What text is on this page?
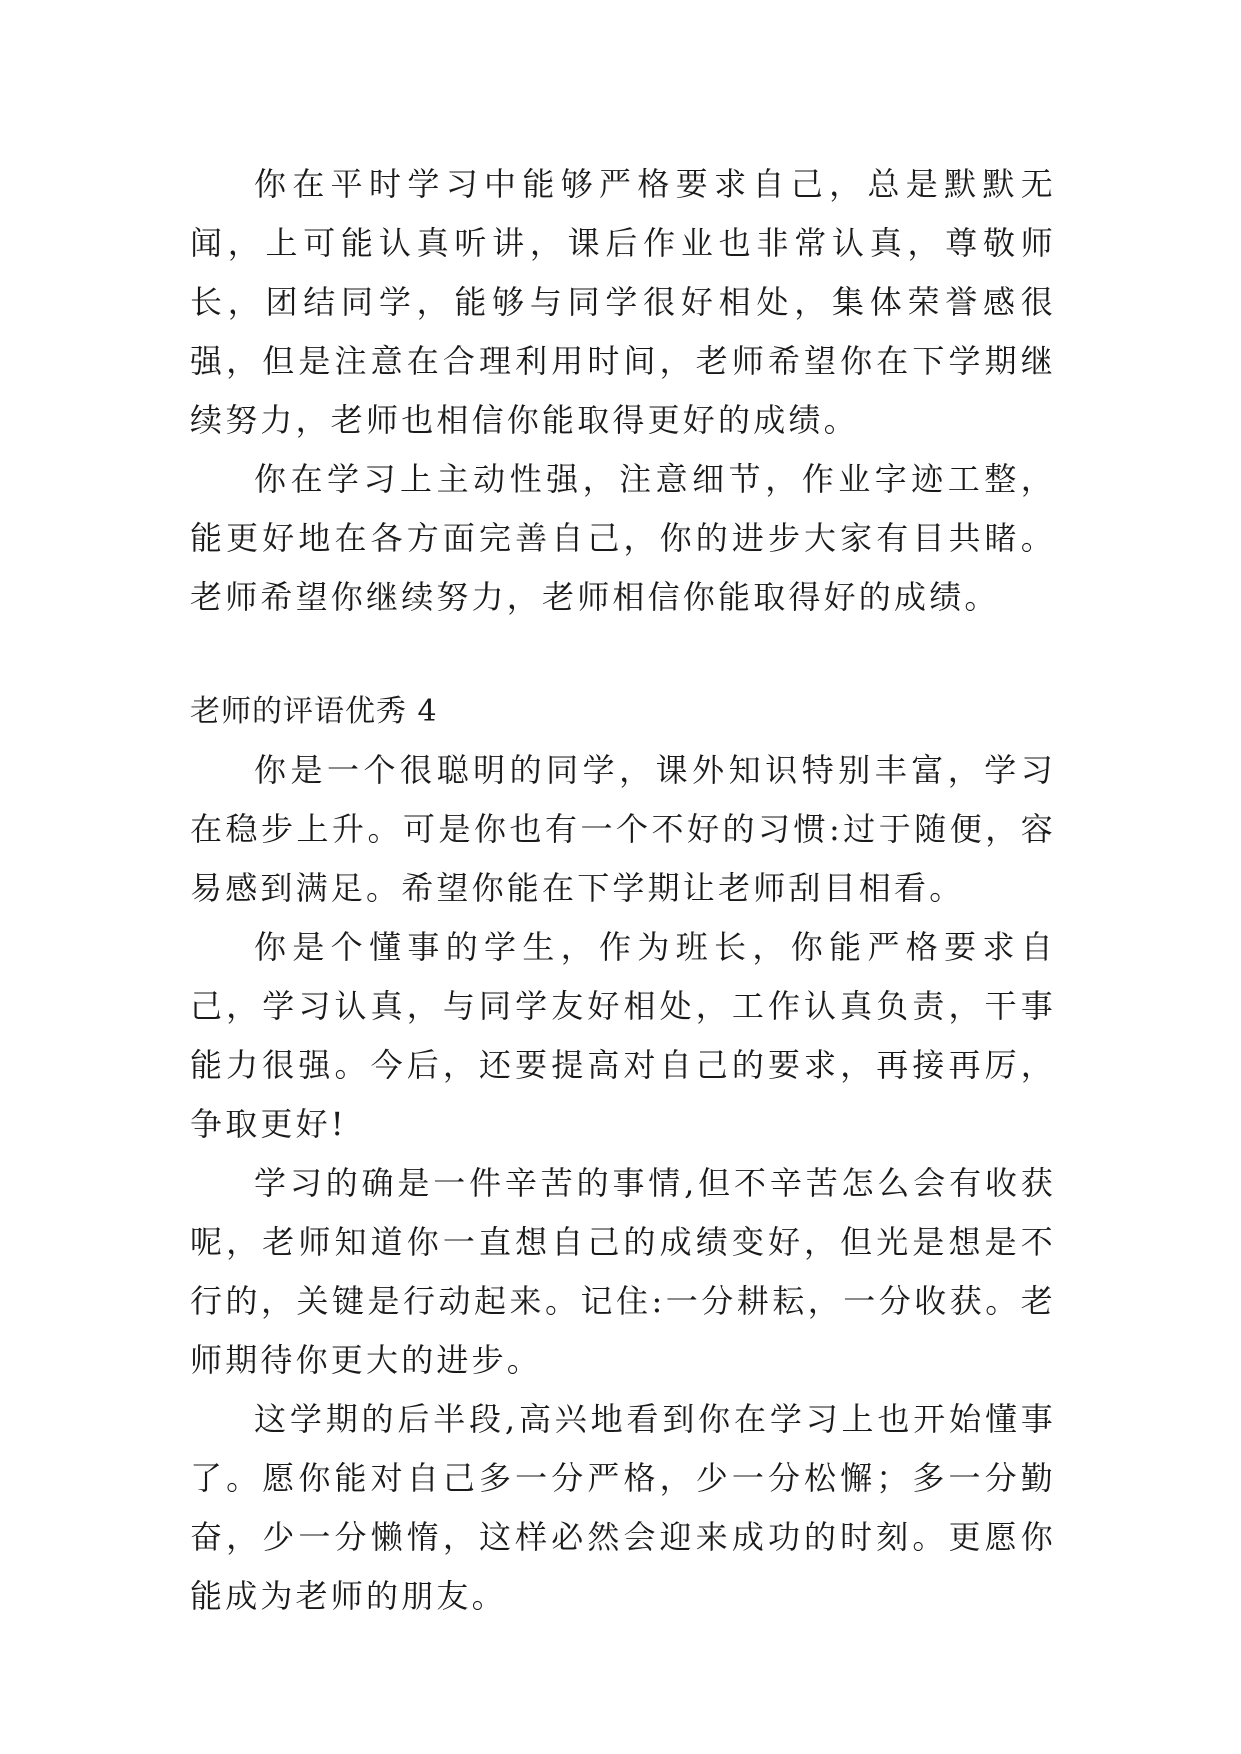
你在平时学习中能够严格要求自己，总是默默无闻，上可能认真听讲，课后作业也非常认真，尊敬师长，团结同学，能够与同学很好相处，集体荣誉感很强，但是注意在合理利用时间，老师希望你在下学期继续努力，老师也相信你能取得更好的成绩。

你在学习上主动性强，注意细节，作业字迹工整，能更好地在各方面完善自己，你的进步大家有目共睹。老师希望你继续努力，老师相信你能取得好的成绩。

老师的评语优秀 4

你是一个很聪明的同学，课外知识特别丰富，学习在稳步上升。可是你也有一个不好的习惯:过于随便，容易感到满足。希望你能在下学期让老师刮目相看。

你是个懂事的学生，作为班长，你能严格要求自己，学习认真，与同学友好相处，工作认真负责，干事能力很强。今后，还要提高对自己的要求，再接再厉，争取更好!

学习的确是一件辛苦的事情,但不辛苦怎么会有收获呢，老师知道你一直想自己的成绩变好，但光是想是不行的，关键是行动起来。记住:一分耕耘，一分收获。老师期待你更大的进步。

这学期的后半段,高兴地看到你在学习上也开始懂事了。愿你能对自己多一分严格，少一分松懈；多一分勤奋，少一分懒惰，这样必然会迎来成功的时刻。更愿你能成为老师的朋友。
